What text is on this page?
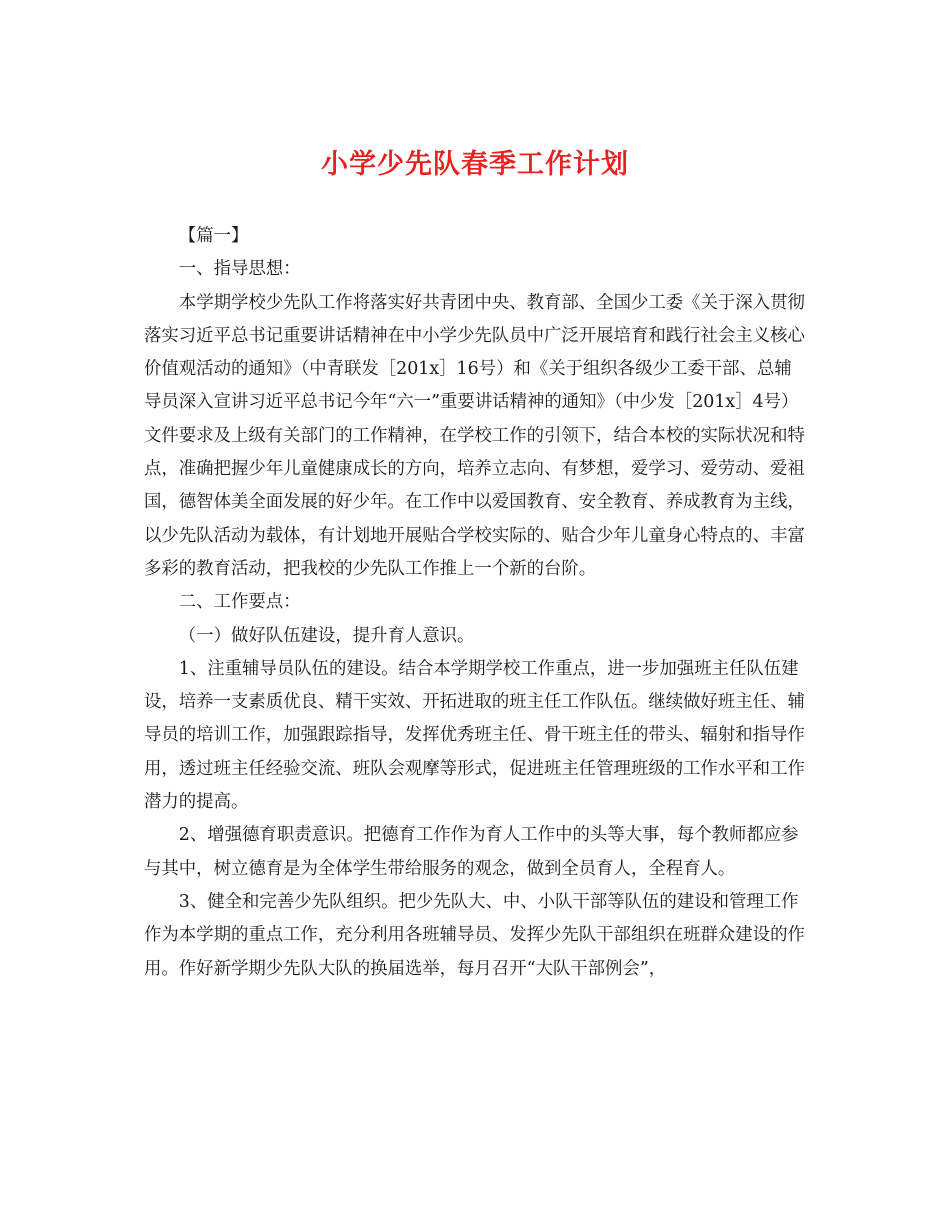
小学少先队春季工作计划

【篇一】

一、指导思想：

本学期学校少先队工作将落实好共青团中央、教育部、全国少工委《关于深入贯彻落实习近平总书记重要讲话精神在中小学少先队员中广泛开展培育和践行社会主义核心价值观活动的通知》（中青联发［201x］16号）和《关于组织各级少工委干部、总辅导员深入宣讲习近平总书记今年“六一”重要讲话精神的通知》（中少发［201x］4号）文件要求及上级有关部门的工作精神，在学校工作的引领下，结合本校的实际状况和特点，准确把握少年儿童健康成长的方向，培养立志向、有梦想，爱学习、爱劳动、爱祖国，德智体美全面发展的好少年。在工作中以爱国教育、安全教育、养成教育为主线，以少先队活动为载体，有计划地开展贴合学校实际的、贴合少年儿童身心特点的、丰富多彩的教育活动，把我校的少先队工作推上一个新的台阶。

二、工作要点：

（一）做好队伍建设，提升育人意识。

1、注重辅导员队伍的建设。结合本学期学校工作重点，进一步加强班主任队伍建设，培养一支素质优良、精干实效、开拓进取的班主任工作队伍。继续做好班主任、辅导员的培训工作，加强跟踪指导，发挥优秀班主任、骨干班主任的带头、辐射和指导作用，透过班主任经验交流、班队会观摩等形式，促进班主任管理班级的工作水平和工作潜力的提高。

2、增强德育职责意识。把德育工作作为育人工作中的头等大事，每个教师都应参与其中，树立德育是为全体学生带给服务的观念，做到全员育人，全程育人。

3、健全和完善少先队组织。把少先队大、中、小队干部等队伍的建设和管理工作作为本学期的重点工作，充分利用各班辅导员、发挥少先队干部组织在班群众建设的作用。作好新学期少先队大队的换届选举，每月召开“大队干部例会”，
